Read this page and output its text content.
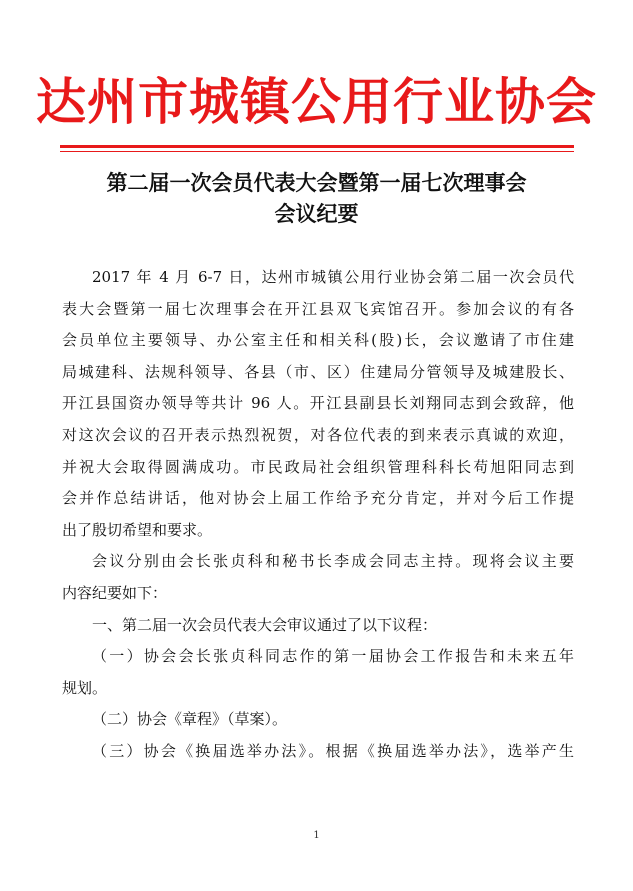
达州市城镇公用行业协会
第二届一次会员代表大会暨第一届七次理事会
会议纪要
2017 年 4 月 6-7 日，达州市城镇公用行业协会第二届一次会员代
表大会暨第一届七次理事会在开江县双飞宾馆召开。参加会议的有各
会员单位主要领导、办公室主任和相关科(股)长，会议邀请了市住建
局城建科、法规科领导、各县（市、区）住建局分管领导及城建股长、
开江县国资办领导等共计 96 人。开江县副县长刘翔同志到会致辞，他
对这次会议的召开表示热烈祝贺，对各位代表的到来表示真诚的欢迎，
并祝大会取得圆满成功。市民政局社会组织管理科科长苟旭阳同志到
会并作总结讲话，他对协会上届工作给予充分肯定，并对今后工作提
出了殷切希望和要求。
会议分别由会长张贞科和秘书长李成会同志主持。现将会议主要
内容纪要如下：
一、第二届一次会员代表大会审议通过了以下议程：
（一）协会会长张贞科同志作的第一届协会工作报告和未来五年
规划。
（二）协会《章程》（草案）。
（三）协会《换届选举办法》。根据《换届选举办法》，选举产生
1
